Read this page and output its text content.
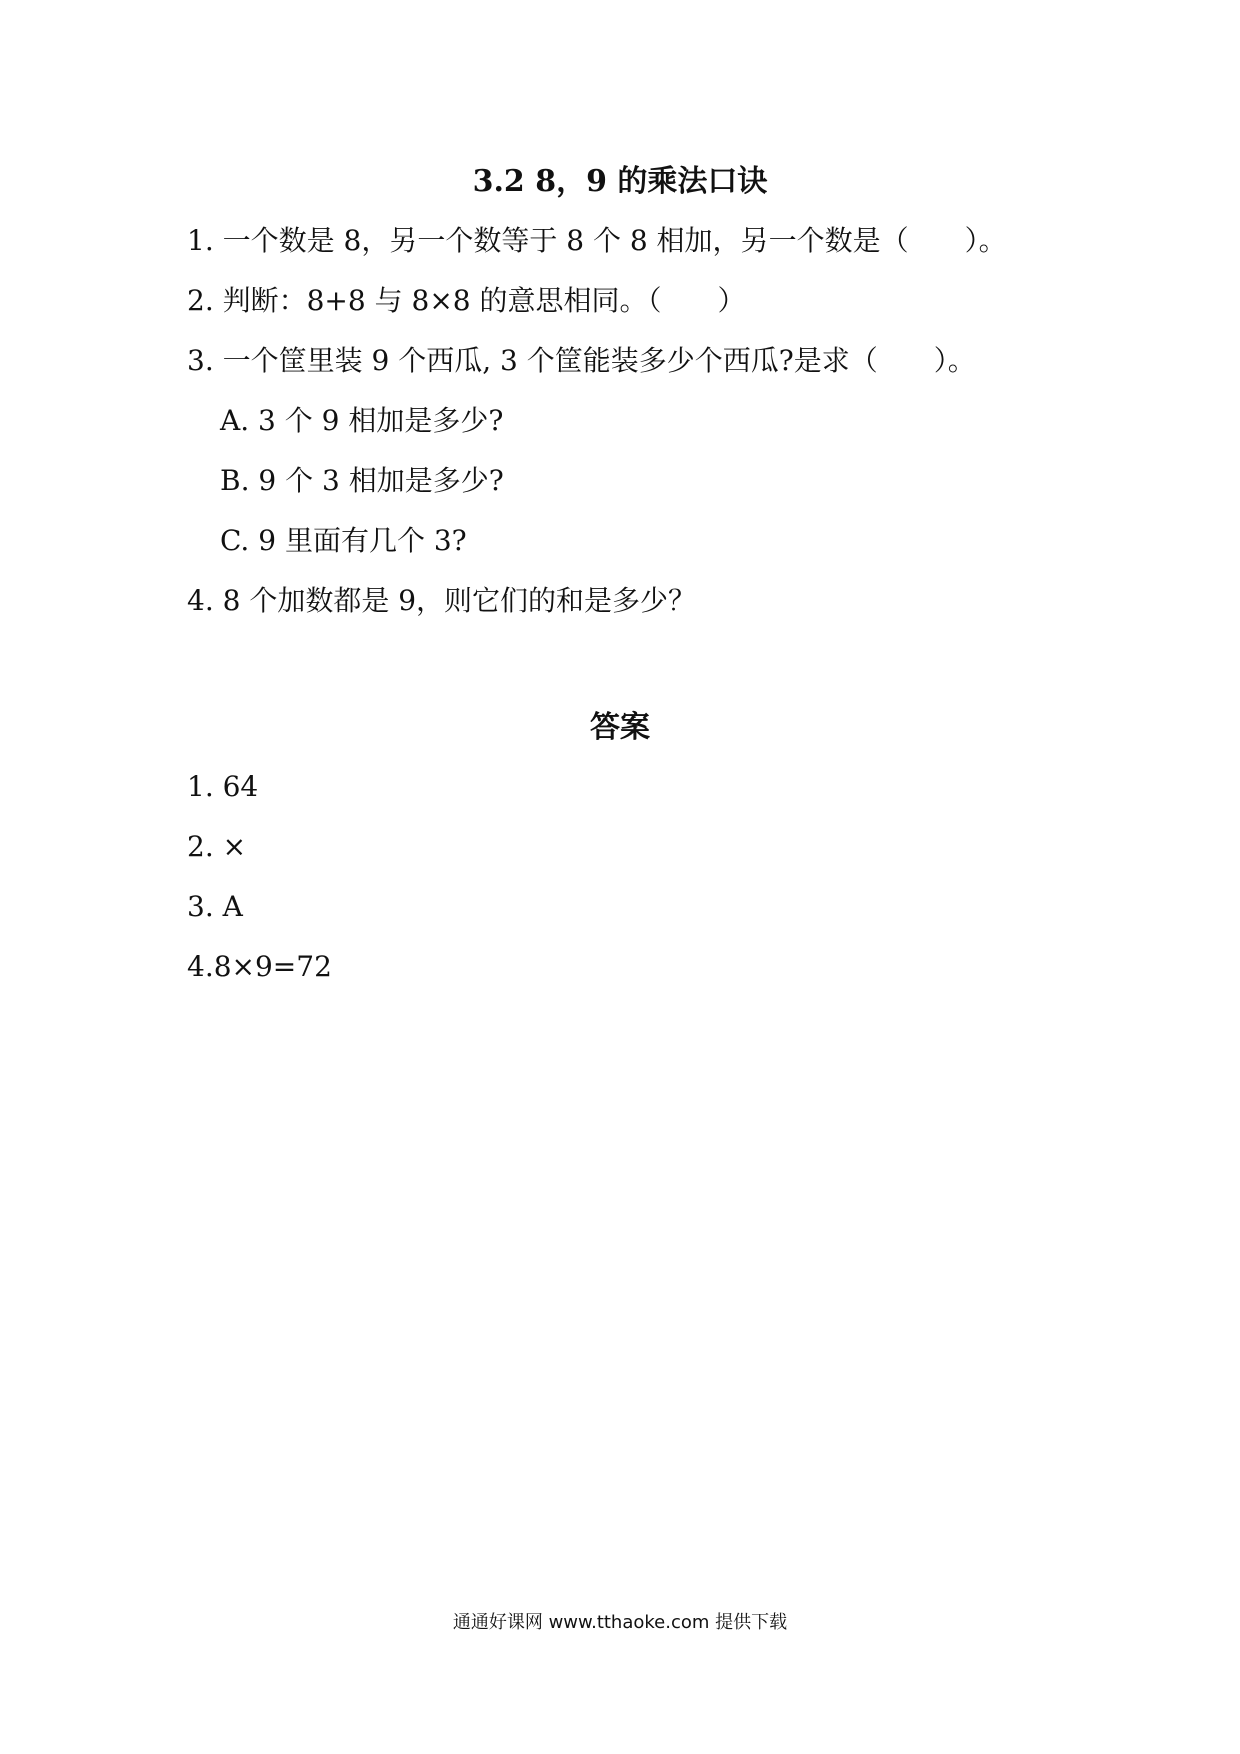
3.2 8，9 的乘法口诀
1. 一个数是 8，另一个数等于 8 个 8 相加，另一个数是（　　）。
2. 判断：8+8 与 8×8 的意思相同。（　　）
3. 一个筐里装 9 个西瓜, 3 个筐能装多少个西瓜?是求（　　）。
A. 3 个 9 相加是多少?
B. 9 个 3 相加是多少?
C. 9 里面有几个 3?
4. 8 个加数都是 9，则它们的和是多少？
答案
1. 64
2. ×
3. A
4.8×9=72
通通好课网 www.tthaoke.com 提供下载
